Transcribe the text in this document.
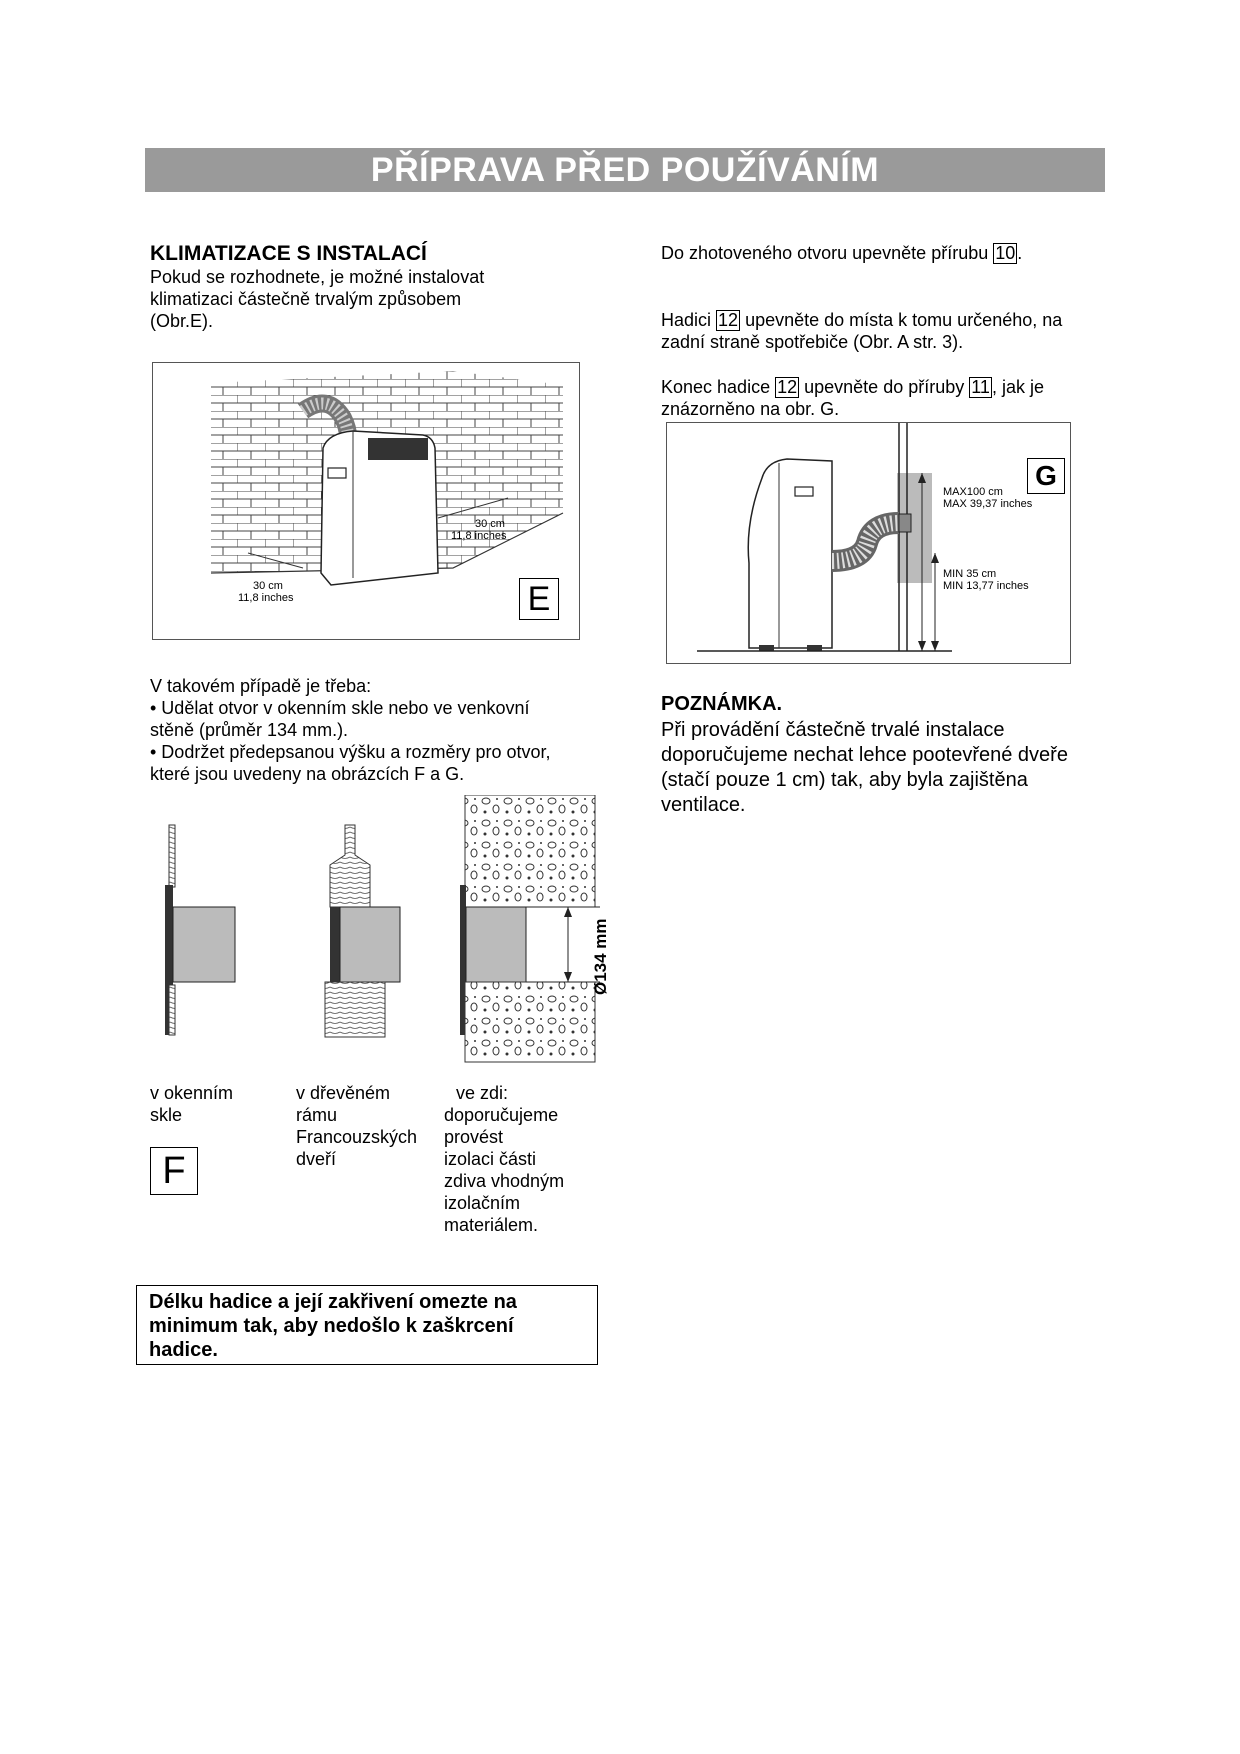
PŘÍPRAVA PŘED POUŽÍVÁNÍM
KLIMATIZACE S INSTALACÍ
Pokud se rozhodnete, je možné instalovat
klimatizaci částečně trvalým způsobem
(Obr.E).
30 cm
11,8 inches
30 cm
11,8 inches	E
V takovém případě je třeba:
• Udělat otvor v okenním skle nebo ve venkovní
stěně (průměr 134 mm.).
• Dodržet předepsanou výšku a rozměry pro otvor,
které jsou uvedeny na obrázcích F a G.
Ø134 mm
v okenním
skle
F
v dřevěném
rámu
Francouzských
dveří
ve zdi:
doporučujeme
provést
izolaci části
zdiva vhodným
izolačním
materiálem.
Délku hadice a její zakřivení omezte na
minimum tak, aby nedošlo k zaškrcení
hadice.
Do zhotoveného otvoru upevněte přírubu 10 .
Hadici 12 upevněte do místa k tomu určeného, na
zadní straně spotřebiče (Obr. A str. 3).
Konec hadice 12 upevněte do příruby 11 , jak je
znázorněno na obr. G.
MAX100 cm
MAX 39,37 inches
MIN 35 cm
MIN 13,77 inches
G
POZNÁMKA.
Při provádění částečně trvalé instalace
doporučujeme nechat lehce pootevřené dveře
(stačí pouze 1 cm) tak, aby byla zajištěna
ventilace.
